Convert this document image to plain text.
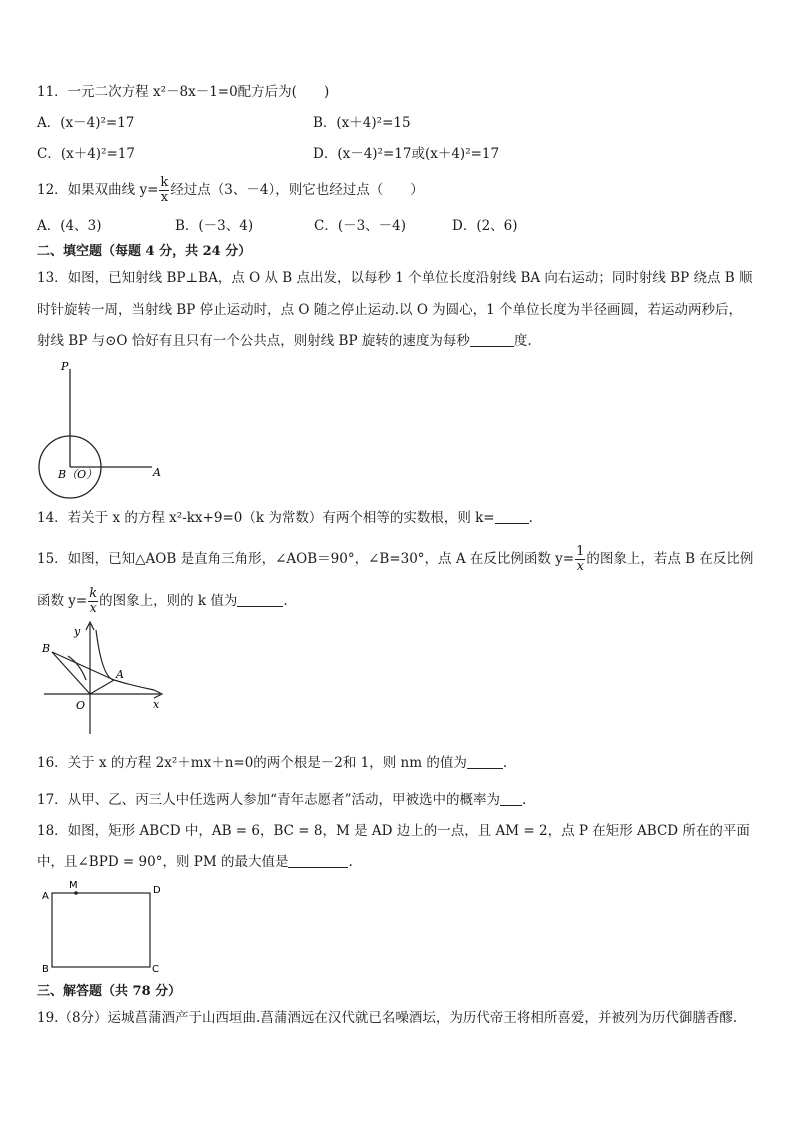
11．一元二次方程 x²－8x－1=0配方后为(　　)
A．(x－4)²=17	B．(x＋4)²=15
C．(x＋4)²=17	D．(x－4)²=17或(x＋4)²=17
12．如果双曲线 $y= \frac{k}{x}$ 经过点（3、－4），则它也经过点（　　）
A．(4、3)	B．(－3、4)	C．(－3、－4)	D．(2、6)
二、填空题（每题 4 分，共 24 分）
13．如图，已知射线 BP⊥BA，点 O 从 B 点出发，以每秒 1 个单位长度沿射线 BA 向右运动；同时射线 BP 绕点 B 顺
时针旋转一周，当射线 BP 停止运动时，点 O 随之停止运动.以 O 为圆心，1 个单位长度为半径画圆，若运动两秒后，
射线 BP 与⊙O 恰好有且只有一个公共点，则射线 BP 旋转的速度为每秒	度.
P
A
B（O）
14．若关于 x 的方程 x²-kx+9=0（k 为常数）有两个相等的实数根，则 k=	.
15．如图，已知△AOB 是直角三角形，∠AOB＝90°，∠B=30°，点 A 在反比例函数 $y= \frac{1}{x}$ 的图象上，若点 B 在反比例
函数 $y= \frac{k}{x}$ 的图象上，则的 k 值为	.
y
x
B
A
O
16．关于 x 的方程 2x²＋mx＋n=0的两个根是－2和 1，则 nm 的值为	.
17．从甲、乙、丙三人中任选两人参加“青年志愿者”活动，甲被选中的概率为 .
18．如图，矩形 ABCD 中，AB = 6，BC = 8，M 是 AD 边上的一点，且 AM = 2，点 P 在矩形 ABCD 所在的平面
中，且∠BPD = 90°，则 PM 的最大值是	.
A
M	D
B	C
三、解答题（共 78 分）
19.（8分）运城菖蒲酒产于山西垣曲.菖蒲酒远在汉代就已名噪酒坛，为历代帝王将相所喜爱，并被列为历代御膳香醪.
